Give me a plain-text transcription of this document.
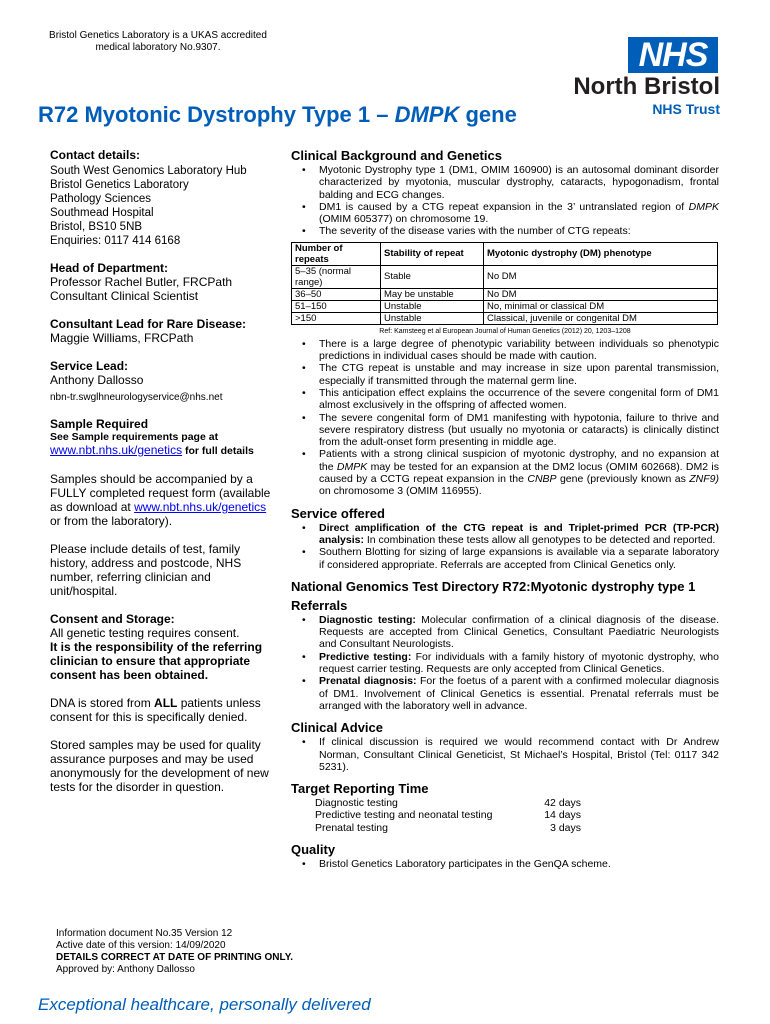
Bristol Genetics Laboratory is a UKAS accredited medical laboratory No.9307.	NHS
North Bristol
NHS Trust
R72 Myotonic Dystrophy Type 1 – DMPK gene
Contact details:
South West Genomics Laboratory Hub
Bristol Genetics Laboratory
Pathology Sciences
Southmead Hospital
Bristol, BS10 5NB
Enquiries: 0117 414 6168
Head of Department:
Professor Rachel Butler, FRCPath
Consultant Clinical Scientist
Consultant Lead for Rare Disease:
Maggie Williams, FRCPath
Service Lead:
Anthony Dallosso
nbn-tr.swglhneurologyservice@nhs.net
Sample Required
See Sample requirements page at www.nbt.nhs.uk/genetics for full details

Samples should be accompanied by a FULLY completed request form (available as download at www.nbt.nhs.uk/genetics or from the laboratory).

Please include details of test, family history, address and postcode, NHS number, referring clinician and unit/hospital.

Consent and Storage:
All genetic testing requires consent.
It is the responsibility of the referring clinician to ensure that appropriate consent has been obtained.

DNA is stored from ALL patients unless consent for this is specifically denied.

Stored samples may be used for quality assurance purposes and may be used anonymously for the development of new tests for the disorder in question.

Clinical Background and Genetics
• Myotonic Dystrophy type 1 (DM1, OMIM 160900) is an autosomal dominant disorder characterized by myotonia, muscular dystrophy, cataracts, hypogonadism, frontal balding and ECG changes.
• DM1 is caused by a CTG repeat expansion in the 3’ untranslated region of DMPK (OMIM 605377) on chromosome 19.
• The severity of the disease varies with the number of CTG repeats:
Number of repeats	Stability of repeat	Myotonic dystrophy (DM) phenotype
5–35 (normal range)	Stable	No DM
36–50	May be unstable	No DM
51–150	Unstable	No, minimal or classical DM
>150	Unstable	Classical, juvenile or congenital DM
Ref: Kamsteeg et al European Journal of Human Genetics (2012) 20, 1203–1208
• There is a large degree of phenotypic variability between individuals so phenotypic predictions in individual cases should be made with caution.
• The CTG repeat is unstable and may increase in size upon parental transmission, especially if transmitted through the maternal germ line.
• This anticipation effect explains the occurrence of the severe congenital form of DM1 almost exclusively in the offspring of affected women.
• The severe congenital form of DM1 manifesting with hypotonia, failure to thrive and severe respiratory distress (but usually no myotonia or cataracts) is clinically distinct from the adult-onset form presenting in middle age.
• Patients with a strong clinical suspicion of myotonic dystrophy, and no expansion at the DMPK may be tested for an expansion at the DM2 locus (OMIM 602668). DM2 is caused by a CCTG repeat expansion in the CNBP gene (previously known as ZNF9) on chromosome 3 (OMIM 116955).
Service offered
• Direct amplification of the CTG repeat is and Triplet-primed PCR (TP-PCR) analysis: In combination these tests allow all genotypes to be detected and reported.
• Southern Blotting for sizing of large expansions is available via a separate laboratory if considered appropriate. Referrals are accepted from Clinical Genetics only.
National Genomics Test Directory R72:Myotonic dystrophy type 1
Referrals
• Diagnostic testing: Molecular confirmation of a clinical diagnosis of the disease. Requests are accepted from Clinical Genetics, Consultant Paediatric Neurologists and Consultant Neurologists.
• Predictive testing: For individuals with a family history of myotonic dystrophy, who request carrier testing. Requests are only accepted from Clinical Genetics.
• Prenatal diagnosis: For the foetus of a parent with a confirmed molecular diagnosis of DM1. Involvement of Clinical Genetics is essential. Prenatal referrals must be arranged with the laboratory well in advance.
Clinical Advice
• If clinical discussion is required we would recommend contact with Dr Andrew Norman, Consultant Clinical Geneticist, St Michael’s Hospital, Bristol (Tel: 0117 342 5231).
Target Reporting Time
Diagnostic testing	42 days
Predictive testing and neonatal testing	14 days
Prenatal testing	3 days
Quality
• Bristol Genetics Laboratory participates in the GenQA scheme.
Information document No.35 Version 12
Active date of this version: 14/09/2020
DETAILS CORRECT AT DATE OF PRINTING ONLY.
Approved by: Anthony Dallosso
Exceptional healthcare, personally delivered
